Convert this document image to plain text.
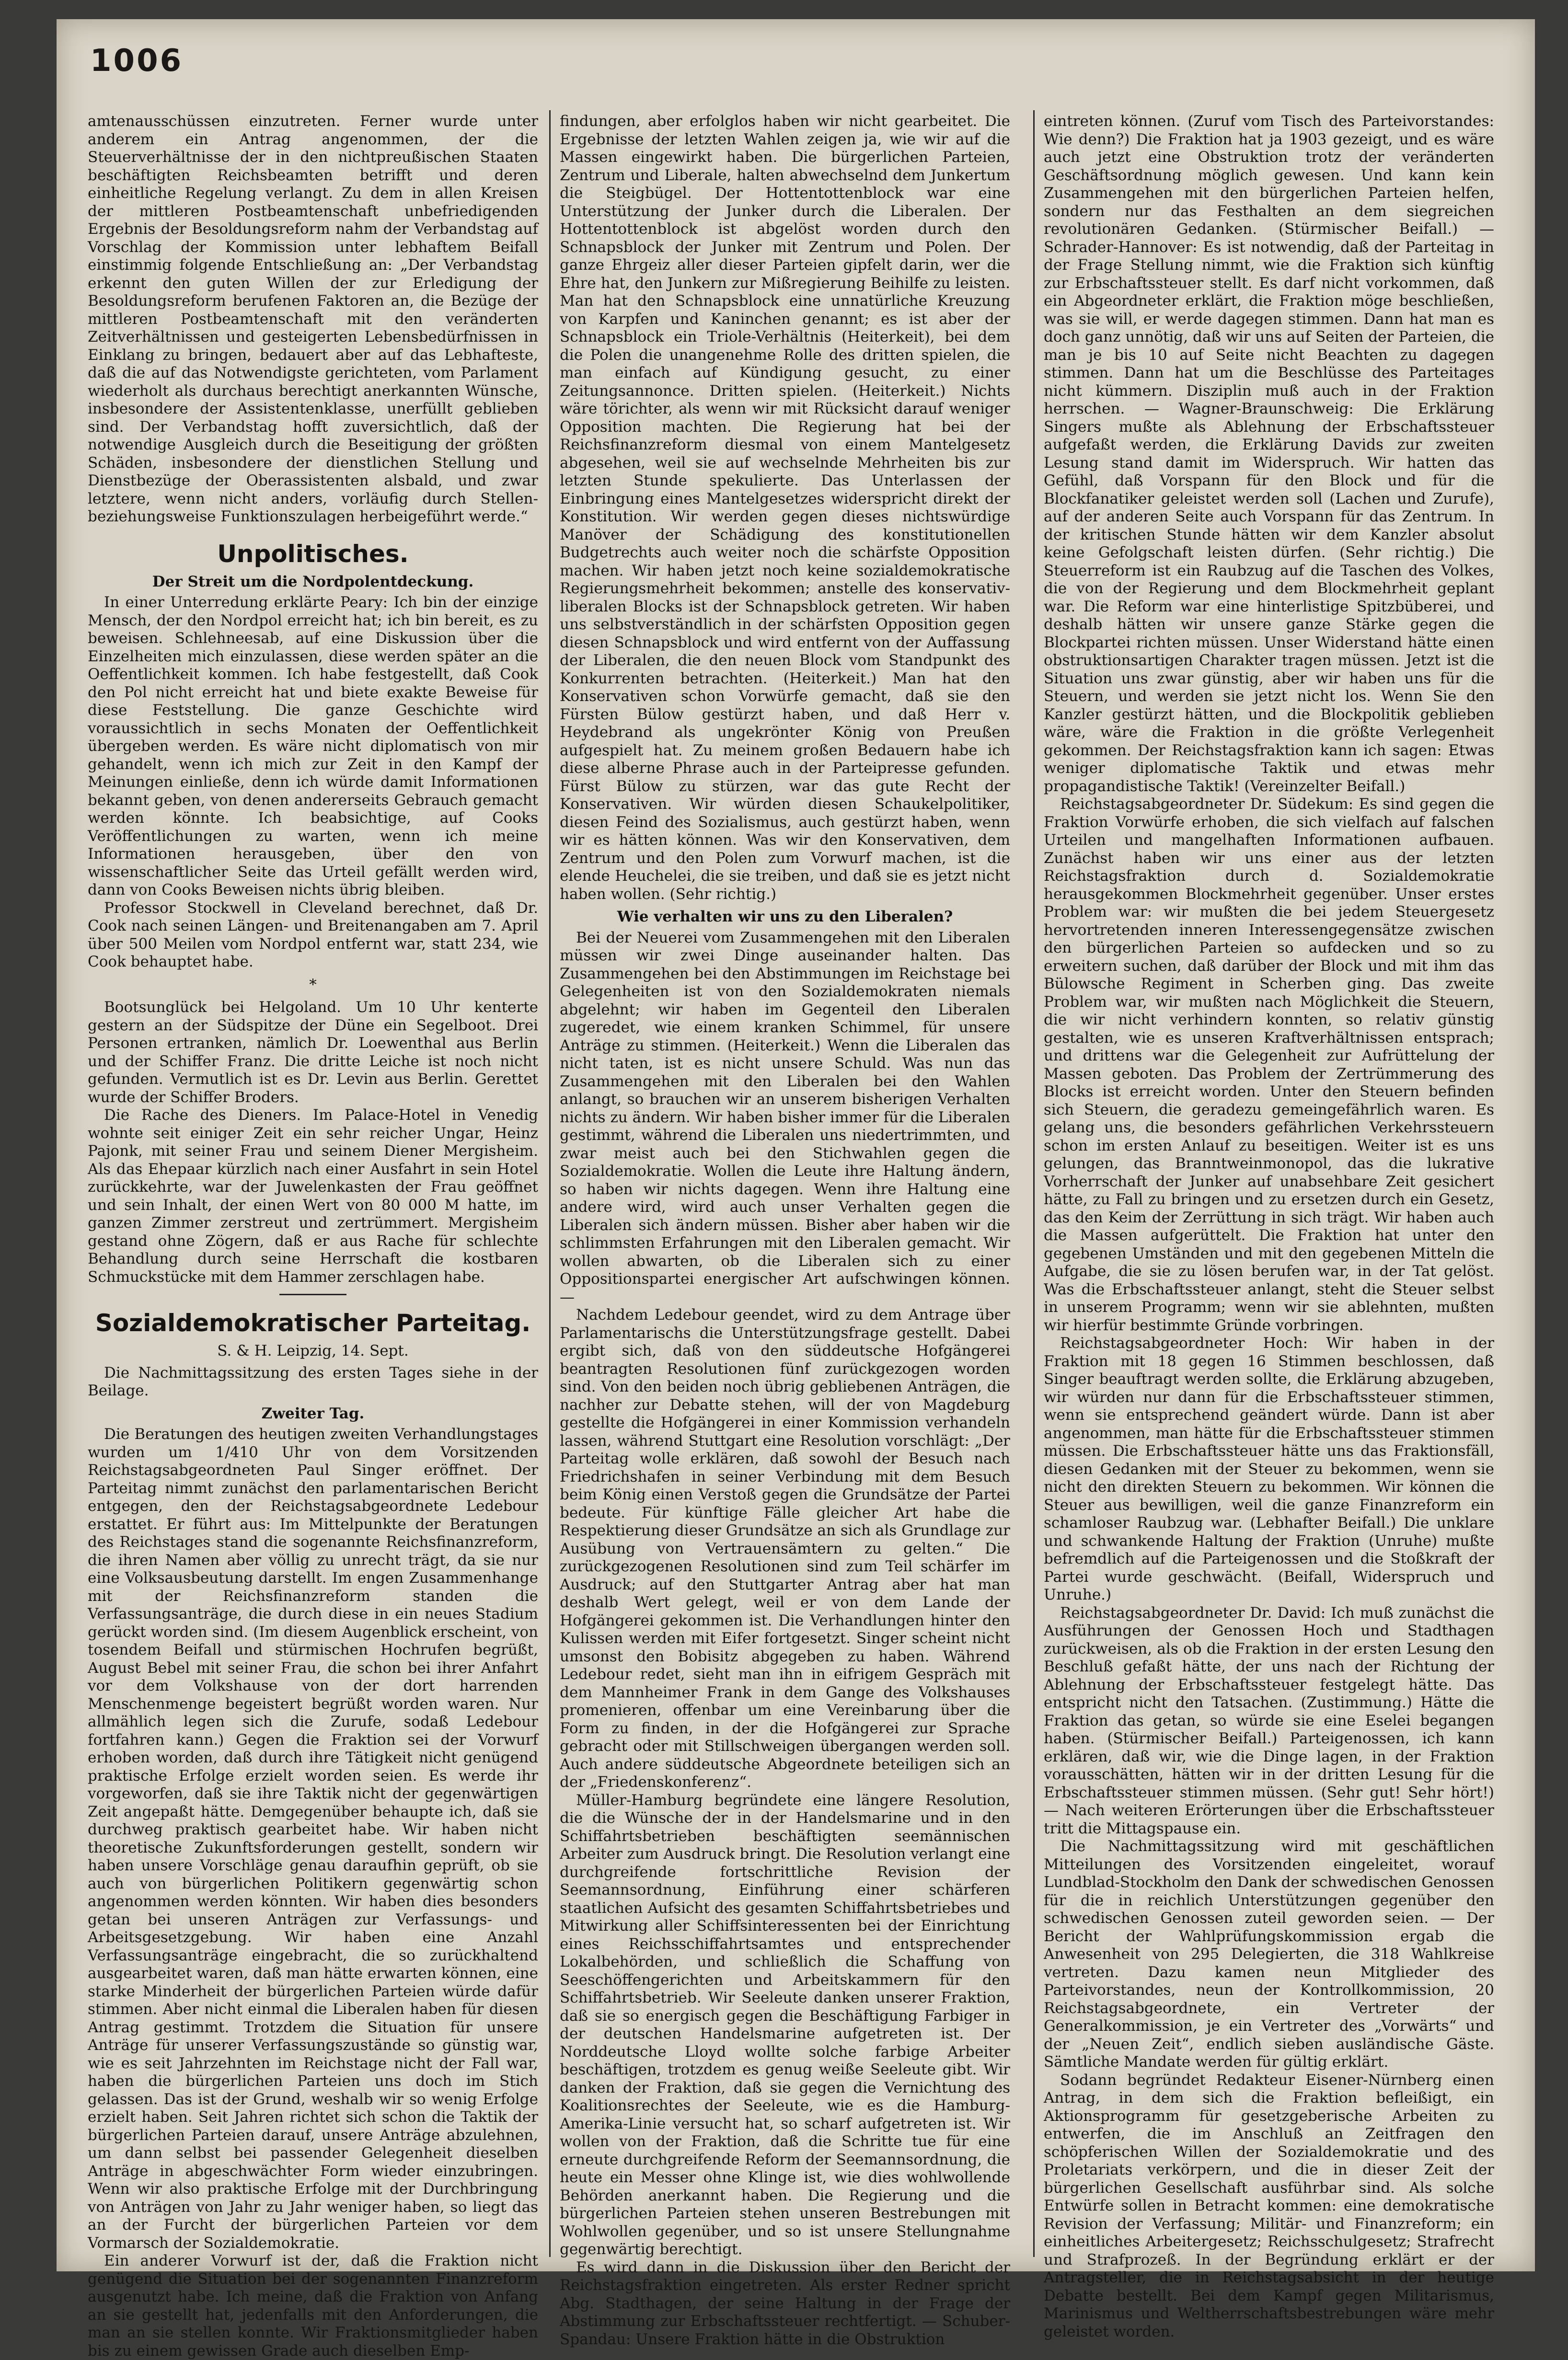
1006

amtenausschüssen einzutreten. Ferner wurde unter anderem ein Antrag angenommen, der die Steuerverhältnisse der in den nichtpreußischen Staaten beschäftigten Reichsbeamten betrifft und deren einheitliche Regelung verlangt. Zu dem in allen Kreisen der mittleren Postbeamtenschaft unbefriedigenden Ergebnis der Besoldungsreform nahm der Verbandstag auf Vorschlag der Kommission unter lebhaftem Beifall einstimmig folgende Entschließung an: „Der Verbandstag erkennt den guten Willen der zur Erledigung der Besoldungsreform berufenen Faktoren an, die Bezüge der mittleren Postbeamtenschaft mit den veränderten Zeitverhältnissen und gesteigerten Lebensbedürfnissen in Einklang zu bringen, bedauert aber auf das Lebhafteste, daß die auf das Notwendigste gerichteten, vom Parlament wiederholt als durchaus berechtigt anerkannten Wünsche, insbesondere der Assistentenklasse, unerfüllt geblieben sind. Der Verbandstag hofft zuversichtlich, daß der notwendige Ausgleich durch die Beseitigung der größten Schäden, insbesondere der dienstlichen Stellung und Dienstbezüge der Oberassistenten alsbald, und zwar letztere, wenn nicht anders, vorläufig durch Stellen- beziehungsweise Funktionszulagen herbeigeführt werde.“

Unpolitisches.
Der Streit um die Nordpolentdeckung.

In einer Unterredung erklärte Peary: Ich bin der einzige Mensch, der den Nordpol erreicht hat; ich bin bereit, es zu beweisen. Schlehneesab, auf eine Diskussion über die Einzelheiten mich einzulassen, diese werden später an die Oeffentlichkeit kommen. Ich habe festgestellt, daß Cook den Pol nicht erreicht hat und biete exakte Beweise für diese Feststellung. Die ganze Geschichte wird voraussichtlich in sechs Monaten der Oeffentlichkeit übergeben werden. Es wäre nicht diplomatisch von mir gehandelt, wenn ich mich zur Zeit in den Kampf der Meinungen einließe, denn ich würde damit Informationen bekannt geben, von denen andererseits Gebrauch gemacht werden könnte. Ich beabsichtige, auf Cooks Veröffentlichungen zu warten, wenn ich meine Informationen herausgeben, über den von wissenschaftlicher Seite das Urteil gefällt werden wird, dann von Cooks Beweisen nichts übrig bleiben.

Professor Stockwell in Cleveland berechnet, daß Dr. Cook nach seinen Längen- und Breitenangaben am 7. April über 500 Meilen vom Nordpol entfernt war, statt 234, wie Cook behauptet habe.

*

Bootsunglück bei Helgoland. Um 10 Uhr kenterte gestern an der Südspitze der Düne ein Segelboot. Drei Personen ertranken, nämlich Dr. Loewenthal aus Berlin und der Schiffer Franz. Die dritte Leiche ist noch nicht gefunden. Vermutlich ist es Dr. Levin aus Berlin. Gerettet wurde der Schiffer Broders.

Die Rache des Dieners. Im Palace-Hotel in Venedig wohnte seit einiger Zeit ein sehr reicher Ungar, Heinz Pajonk, mit seiner Frau und seinem Diener Mergisheim. Als das Ehepaar kürzlich nach einer Ausfahrt in sein Hotel zurückkehrte, war der Juwelenkasten der Frau geöffnet und sein Inhalt, der einen Wert von 80 000 M hatte, im ganzen Zimmer zerstreut und zertrümmert. Mergisheim gestand ohne Zögern, daß er aus Rache für schlechte Behandlung durch seine Herrschaft die kostbaren Schmuckstücke mit dem Hammer zerschlagen habe.

Sozialdemokratischer Parteitag.
S. & H. Leipzig, 14. Sept.

Die Nachmittagssitzung des ersten Tages siehe in der Beilage.

Zweiter Tag.

Die Beratungen des heutigen zweiten Verhandlungstages wurden um 1/410 Uhr von dem Vorsitzenden Reichstagsabgeordneten Paul Singer eröffnet. Der Parteitag nimmt zunächst den parlamentarischen Bericht entgegen, den der Reichstagsabgeordnete Ledebour erstattet. Er führt aus: Im Mittelpunkte der Beratungen des Reichstages stand die sogenannte Reichsfinanzreform, die ihren Namen aber völlig zu unrecht trägt, da sie nur eine Volksausbeutung darstellt. Im engen Zusammenhange mit der Reichsfinanzreform standen die Verfassungsanträge, die durch diese in ein neues Stadium gerückt worden sind. (Im diesem Augenblick erscheint, von tosendem Beifall und stürmischen Hochrufen begrüßt, August Bebel mit seiner Frau, die schon bei ihrer Anfahrt vor dem Volkshause von der dort harrenden Menschenmenge begeistert begrüßt worden waren. Nur allmählich legen sich die Zurufe, sodaß Ledebour fortfahren kann.) Gegen die Fraktion sei der Vorwurf erhoben worden, daß durch ihre Tätigkeit nicht genügend praktische Erfolge erzielt worden seien. Es werde ihr vorgeworfen, daß sie ihre Taktik nicht der gegenwärtigen Zeit angepaßt hätte. Demgegenüber behaupte ich, daß sie durchweg praktisch gearbeitet habe. Wir haben nicht theoretische Zukunftsforderungen gestellt, sondern wir haben unsere Vorschläge genau daraufhin geprüft, ob sie auch von bürgerlichen Politikern gegenwärtig schon angenommen werden könnten. Wir haben dies besonders getan bei unseren Anträgen zur Verfassungs- und Arbeitsgesetzgebung. Wir haben eine Anzahl Verfassungsanträge eingebracht, die so zurückhaltend ausgearbeitet waren, daß man hätte erwarten können, eine starke Minderheit der bürgerlichen Parteien würde dafür stimmen. Aber nicht einmal die Liberalen haben für diesen Antrag gestimmt. Trotzdem die Situation für unsere Anträge für unserer Verfassungszustände so günstig war, wie es seit Jahrzehnten im Reichstage nicht der Fall war, haben die bürgerlichen Parteien uns doch im Stich gelassen. Das ist der Grund, weshalb wir so wenig Erfolge erzielt haben. Seit Jahren richtet sich schon die Taktik der bürgerlichen Parteien darauf, unsere Anträge abzulehnen, um dann selbst bei passender Gelegenheit dieselben Anträge in abgeschwächter Form wieder einzubringen. Wenn wir also praktische Erfolge mit der Durchbringung von Anträgen von Jahr zu Jahr weniger haben, so liegt das an der Furcht der bürgerlichen Parteien vor dem Vormarsch der Sozialdemokratie.

Ein anderer Vorwurf ist der, daß die Fraktion nicht genügend die Situation bei der sogenannten Finanzreform ausgenutzt habe. Ich meine, daß die Fraktion von Anfang an sie gestellt hat, jedenfalls mit den Anforderungen, die man an sie stellen konnte. Wir Fraktionsmitglieder haben bis zu einem gewissen Grade auch dieselben Emp-

findungen, aber erfolglos haben wir nicht gearbeitet. Die Ergebnisse der letzten Wahlen zeigen ja, wie wir auf die Massen eingewirkt haben. Die bürgerlichen Parteien, Zentrum und Liberale, halten abwechselnd dem Junkertum die Steigbügel. Der Hottentottenblock war eine Unterstützung der Junker durch die Liberalen. Der Hottentottenblock ist abgelöst worden durch den Schnapsblock der Junker mit Zentrum und Polen. Der ganze Ehrgeiz aller dieser Parteien gipfelt darin, wer die Ehre hat, den Junkern zur Mißregierung Beihilfe zu leisten. Man hat den Schnapsblock eine unnatürliche Kreuzung von Karpfen und Kaninchen genannt; es ist aber der Schnapsblock ein Triole-Verhältnis (Heiterkeit), bei dem die Polen die unangenehme Rolle des dritten spielen, die man einfach auf Kündigung gesucht, zu einer Zeitungsannonce. Dritten spielen. (Heiterkeit.) Nichts wäre törichter, als wenn wir mit Rücksicht darauf weniger Opposition machten. Die Regierung hat bei der Reichsfinanzreform diesmal von einem Mantelgesetz abgesehen, weil sie auf wechselnde Mehrheiten bis zur letzten Stunde spekulierte. Das Unterlassen der Einbringung eines Mantelgesetzes widerspricht direkt der Konstitution. Wir werden gegen dieses nichtswürdige Manöver der Schädigung des konstitutionellen Budgetrechts auch weiter noch die schärfste Opposition machen. Wir haben jetzt noch keine sozialdemokratische Regierungsmehrheit bekommen; anstelle des konservativ-liberalen Blocks ist der Schnapsblock getreten. Wir haben uns selbstverständlich in der schärfsten Opposition gegen diesen Schnapsblock und wird entfernt von der Auffassung der Liberalen, die den neuen Block vom Standpunkt des Konkurrenten betrachten. (Heiterkeit.) Man hat den Konservativen schon Vorwürfe gemacht, daß sie den Fürsten Bülow gestürzt haben, und daß Herr v. Heydebrand als ungekrönter König von Preußen aufgespielt hat. Zu meinem großen Bedauern habe ich diese alberne Phrase auch in der Parteipresse gefunden. Fürst Bülow zu stürzen, war das gute Recht der Konservativen. Wir würden diesen Schaukelpolitiker, diesen Feind des Sozialismus, auch gestürzt haben, wenn wir es hätten können. Was wir den Konservativen, dem Zentrum und den Polen zum Vorwurf machen, ist die elende Heuchelei, die sie treiben, und daß sie es jetzt nicht haben wollen. (Sehr richtig.)

Wie verhalten wir uns zu den Liberalen?

Bei der Neuerei vom Zusammengehen mit den Liberalen müssen wir zwei Dinge auseinander halten. Das Zusammengehen bei den Abstimmungen im Reichstage bei Gelegenheiten ist von den Sozialdemokraten niemals abgelehnt; wir haben im Gegenteil den Liberalen zugeredet, wie einem kranken Schimmel, für unsere Anträge zu stimmen. (Heiterkeit.) Wenn die Liberalen das nicht taten, ist es nicht unsere Schuld. Was nun das Zusammengehen mit den Liberalen bei den Wahlen anlangt, so brauchen wir an unserem bisherigen Verhalten nichts zu ändern. Wir haben bisher immer für die Liberalen gestimmt, während die Liberalen uns niedertrimmten, und zwar meist auch bei den Stichwahlen gegen die Sozialdemokratie. Wollen die Leute ihre Haltung ändern, so haben wir nichts dagegen. Wenn ihre Haltung eine andere wird, wird auch unser Verhalten gegen die Liberalen sich ändern müssen. Bisher aber haben wir die schlimmsten Erfahrungen mit den Liberalen gemacht. Wir wollen abwarten, ob die Liberalen sich zu einer Oppositionspartei energischer Art aufschwingen können. —

Nachdem Ledebour geendet, wird zu dem Antrage über Parlamentarischs die Unterstützungsfrage gestellt. Dabei ergibt sich, daß von den süddeutsche Hofgängerei beantragten Resolutionen fünf zurückgezogen worden sind. Von den beiden noch übrig gebliebenen Anträgen, die nachher zur Debatte stehen, will der von Magdeburg gestellte die Hofgängerei in einer Kommission verhandeln lassen, während Stuttgart eine Resolution vorschlägt: „Der Parteitag wolle erklären, daß sowohl der Besuch nach Friedrichshafen in seiner Verbindung mit dem Besuch beim König einen Verstoß gegen die Grundsätze der Partei bedeute. Für künftige Fälle gleicher Art habe die Respektierung dieser Grundsätze an sich als Grundlage zur Ausübung von Vertrauensämtern zu gelten.“ Die zurückgezogenen Resolutionen sind zum Teil schärfer im Ausdruck; auf den Stuttgarter Antrag aber hat man deshalb Wert gelegt, weil er von dem Lande der Hofgängerei gekommen ist. Die Verhandlungen hinter den Kulissen werden mit Eifer fortgesetzt. Singer scheint nicht umsonst den Bobisitz abgegeben zu haben. Während Ledebour redet, sieht man ihn in eifrigem Gespräch mit dem Mannheimer Frank in dem Gange des Volkshauses promenieren, offenbar um eine Vereinbarung über die Form zu finden, in der die Hofgängerei zur Sprache gebracht oder mit Stillschweigen übergangen werden soll. Auch andere süddeutsche Abgeordnete beteiligen sich an der „Friedenskonferenz“.

Müller-Hamburg begründete eine längere Resolution, die die Wünsche der in der Handelsmarine und in den Schiffahrtsbetrieben beschäftigten seemännischen Arbeiter zum Ausdruck bringt. Die Resolution verlangt eine durchgreifende fortschrittliche Revision der Seemannsordnung, Einführung einer schärferen staatlichen Aufsicht des gesamten Schiffahrtsbetriebes und Mitwirkung aller Schiffsinteressenten bei der Einrichtung eines Reichsschiffahrtsamtes und entsprechender Lokalbehörden, und schließlich die Schaffung von Seeschöffengerichten und Arbeitskammern für den Schiffahrtsbetrieb. Wir Seeleute danken unserer Fraktion, daß sie so energisch gegen die Beschäftigung Farbiger in der deutschen Handelsmarine aufgetreten ist. Der Norddeutsche Lloyd wollte solche farbige Arbeiter beschäftigen, trotzdem es genug weiße Seeleute gibt. Wir danken der Fraktion, daß sie gegen die Vernichtung des Koalitionsrechtes der Seeleute, wie es die Hamburg-Amerika-Linie versucht hat, so scharf aufgetreten ist. Wir wollen von der Fraktion, daß die Schritte tue für eine erneute durchgreifende Reform der Seemannsordnung, die heute ein Messer ohne Klinge ist, wie dies wohlwollende Behörden anerkannt haben. Die Regierung und die bürgerlichen Parteien stehen unseren Bestrebungen mit Wohlwollen gegenüber, und so ist unsere Stellungnahme gegenwärtig berechtigt.

Es wird dann in die Diskussion über den Bericht der Reichstagsfraktion eingetreten. Als erster Redner spricht Abg. Stadthagen, der seine Haltung in der Frage der Abstimmung zur Erbschaftssteuer rechtfertigt. — Schuber-Spandau: Unsere Fraktion hätte in die Obstruktion

eintreten können. (Zuruf vom Tisch des Parteivorstandes: Wie denn?) Die Fraktion hat ja 1903 gezeigt, und es wäre auch jetzt eine Obstruktion trotz der veränderten Geschäftsordnung möglich gewesen. Und kann kein Zusammengehen mit den bürgerlichen Parteien helfen, sondern nur das Festhalten an dem siegreichen revolutionären Gedanken. (Stürmischer Beifall.) — Schrader-Hannover: Es ist notwendig, daß der Parteitag in der Frage Stellung nimmt, wie die Fraktion sich künftig zur Erbschaftssteuer stellt. Es darf nicht vorkommen, daß ein Abgeordneter erklärt, die Fraktion möge beschließen, was sie will, er werde dagegen stimmen. Dann hat man es doch ganz unnötig, daß wir uns auf Seiten der Parteien, die man je bis 10 auf Seite nicht Beachten zu dagegen stimmen. Dann hat um die Beschlüsse des Parteitages nicht kümmern. Disziplin muß auch in der Fraktion herrschen. — Wagner-Braunschweig: Die Erklärung Singers mußte als Ablehnung der Erbschaftssteuer aufgefaßt werden, die Erklärung Davids zur zweiten Lesung stand damit im Widerspruch. Wir hatten das Gefühl, daß Vorspann für den Block und für die Blockfanatiker geleistet werden soll (Lachen und Zurufe), auf der anderen Seite auch Vorspann für das Zentrum. In der kritischen Stunde hätten wir dem Kanzler absolut keine Gefolgschaft leisten dürfen. (Sehr richtig.) Die Steuerreform ist ein Raubzug auf die Taschen des Volkes, die von der Regierung und dem Blockmehrheit geplant war. Die Reform war eine hinterlistige Spitzbüberei, und deshalb hätten wir unsere ganze Stärke gegen die Blockpartei richten müssen. Unser Widerstand hätte einen obstruktionsartigen Charakter tragen müssen. Jetzt ist die Situation uns zwar günstig, aber wir haben uns für die Steuern, und werden sie jetzt nicht los. Wenn Sie den Kanzler gestürzt hätten, und die Blockpolitik geblieben wäre, wäre die Fraktion in die größte Verlegenheit gekommen. Der Reichstagsfraktion kann ich sagen: Etwas weniger diplomatische Taktik und etwas mehr propagandistische Taktik! (Vereinzelter Beifall.)

Reichstagsabgeordneter Dr. Südekum: Es sind gegen die Fraktion Vorwürfe erhoben, die sich vielfach auf falschen Urteilen und mangelhaften Informationen aufbauen. Zunächst haben wir uns einer aus der letzten Reichstagsfraktion durch d. Sozialdemokratie herausgekommen Blockmehrheit gegenüber. Unser erstes Problem war: wir mußten die bei jedem Steuergesetz hervortretenden inneren Interessengegensätze zwischen den bürgerlichen Parteien so aufdecken und so zu erweitern suchen, daß darüber der Block und mit ihm das Bülowsche Regiment in Scherben ging. Das zweite Problem war, wir mußten nach Möglichkeit die Steuern, die wir nicht verhindern konnten, so relativ günstig gestalten, wie es unseren Kraftverhältnissen entsprach; und drittens war die Gelegenheit zur Aufrüttelung der Massen geboten. Das Problem der Zertrümmerung des Blocks ist erreicht worden. Unter den Steuern befinden sich Steuern, die geradezu gemeingefährlich waren. Es gelang uns, die besonders gefährlichen Verkehrssteuern schon im ersten Anlauf zu beseitigen. Weiter ist es uns gelungen, das Branntweinmonopol, das die lukrative Vorherrschaft der Junker auf unabsehbare Zeit gesichert hätte, zu Fall zu bringen und zu ersetzen durch ein Gesetz, das den Keim der Zerrüttung in sich trägt. Wir haben auch die Massen aufgerüttelt. Die Fraktion hat unter den gegebenen Umständen und mit den gegebenen Mitteln die Aufgabe, die sie zu lösen berufen war, in der Tat gelöst. Was die Erbschaftssteuer anlangt, steht die Steuer selbst in unserem Programm; wenn wir sie ablehnten, mußten wir hierfür bestimmte Gründe vorbringen.

Reichstagsabgeordneter Hoch: Wir haben in der Fraktion mit 18 gegen 16 Stimmen beschlossen, daß Singer beauftragt werden sollte, die Erklärung abzugeben, wir würden nur dann für die Erbschaftssteuer stimmen, wenn sie entsprechend geändert würde. Dann ist aber angenommen, man hätte für die Erbschaftssteuer stimmen müssen. Die Erbschaftssteuer hätte uns das Fraktionsfäll, diesen Gedanken mit der Steuer zu bekommen, wenn sie nicht den direkten Steuern zu bekommen. Wir können die Steuer aus bewilligen, weil die ganze Finanzreform ein schamloser Raubzug war. (Lebhafter Beifall.) Die unklare und schwankende Haltung der Fraktion (Unruhe) mußte befremdlich auf die Parteigenossen und die Stoßkraft der Partei wurde geschwächt. (Beifall, Widerspruch und Unruhe.)

Reichstagsabgeordneter Dr. David: Ich muß zunächst die Ausführungen der Genossen Hoch und Stadthagen zurückweisen, als ob die Fraktion in der ersten Lesung den Beschluß gefaßt hätte, der uns nach der Richtung der Ablehnung der Erbschaftssteuer festgelegt hätte. Das entspricht nicht den Tatsachen. (Zustimmung.) Hätte die Fraktion das getan, so würde sie eine Eselei begangen haben. (Stürmischer Beifall.) Parteigenossen, ich kann erklären, daß wir, wie die Dinge lagen, in der Fraktion vorausschätten, hätten wir in der dritten Lesung für die Erbschaftssteuer stimmen müssen. (Sehr gut! Sehr hört!) — Nach weiteren Erörterungen über die Erbschaftssteuer tritt die Mittagspause ein.

Die Nachmittagssitzung wird mit geschäftlichen Mitteilungen des Vorsitzenden eingeleitet, worauf Lundblad-Stockholm den Dank der schwedischen Genossen für die in reichlich Unterstützungen gegenüber den schwedischen Genossen zuteil geworden seien. — Der Bericht der Wahlprüfungskommission ergab die Anwesenheit von 295 Delegierten, die 318 Wahlkreise vertreten. Dazu kamen neun Mitglieder des Parteivorstandes, neun der Kontrollkommission, 20 Reichstagsabgeordnete, ein Vertreter der Generalkommission, je ein Vertreter des „Vorwärts“ und der „Neuen Zeit“, endlich sieben ausländische Gäste. Sämtliche Mandate werden für gültig erklärt.

Sodann begründet Redakteur Eisener-Nürnberg einen Antrag, in dem sich die Fraktion befleißigt, ein Aktionsprogramm für gesetzgeberische Arbeiten zu entwerfen, die im Anschluß an Zeitfragen den schöpferischen Willen der Sozialdemokratie und des Proletariats verkörpern, und die in dieser Zeit der bürgerlichen Gesellschaft ausführbar sind. Als solche Entwürfe sollen in Betracht kommen: eine demokratische Revision der Verfassung; Militär- und Finanzreform; ein einheitliches Arbeitergesetz; Reichsschulgesetz; Strafrecht und Strafprozeß. In der Begründung erklärt er der Antragsteller, die in Reichstagsabsicht in der heutige Debatte bestellt. Bei dem Kampf gegen Militarismus, Marinismus und Weltherrschaftsbestrebungen wäre mehr geleistet worden.
